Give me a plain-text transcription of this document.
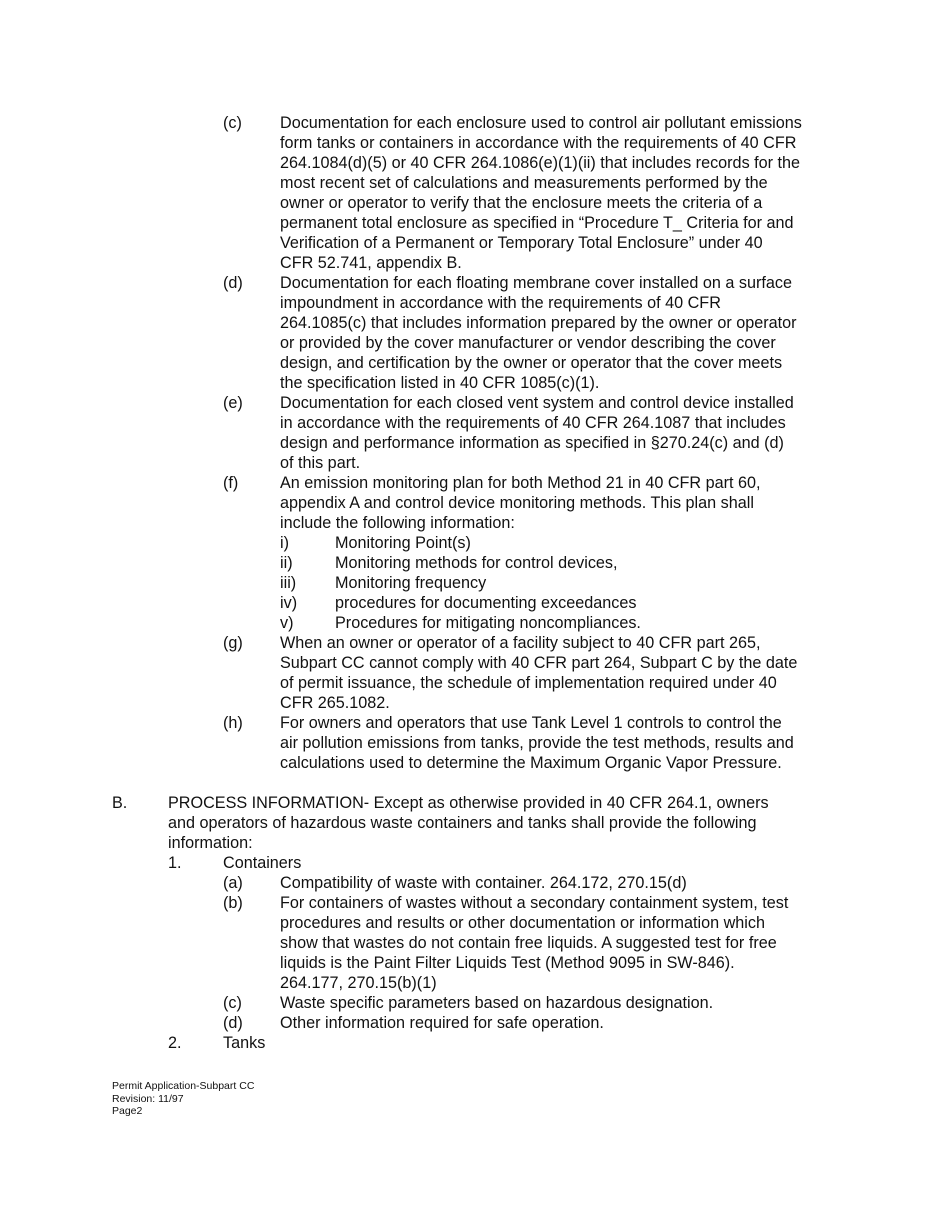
(c) Documentation for each enclosure used to control air pollutant emissions
form tanks or containers in accordance with the requirements of 40 CFR
264.1084(d)(5) or 40 CFR 264.1086(e)(1)(ii) that includes records for the
most recent set of calculations and measurements performed by the
owner or operator to verify that the enclosure meets the criteria of a
permanent total enclosure as specified in “Procedure T_ Criteria for and
Verification of a Permanent or Temporary Total Enclosure” under 40
CFR 52.741, appendix B.
(d) Documentation for each floating membrane cover installed on a surface
impoundment in accordance with the requirements of 40 CFR
264.1085(c) that includes information prepared by the owner or operator
or provided by the cover manufacturer or vendor describing the cover
design, and certification by the owner or operator that the cover meets
the specification listed in 40 CFR 1085(c)(1).
(e) Documentation for each closed vent system and control device installed
in accordance with the requirements of 40 CFR 264.1087 that includes
design and performance information as specified in §270.24(c) and (d)
of this part.
(f)	An emission monitoring plan for both Method 21 in 40 CFR part 60,
appendix A and control device monitoring methods. This plan shall
include the following information:
i)	Monitoring Point(s)
ii)	Monitoring methods for control devices,
iii) Monitoring frequency
iv) procedures for documenting exceedances
v)	Procedures for mitigating noncompliances.
(g) When an owner or operator of a facility subject to 40 CFR part 265,
Subpart CC cannot comply with 40 CFR part 264, Subpart C by the date
of permit issuance, the schedule of implementation required under 40
CFR 265.1082.
(h) For owners and operators that use Tank Level 1 controls to control the
air pollution emissions from tanks, provide the test methods, results and
calculations used to determine the Maximum Organic Vapor Pressure.
B.	PROCESS INFORMATION- Except as otherwise provided in 40 CFR 264.1, owners
and operators of hazardous waste containers and tanks shall provide the following
information:
1.	Containers
(a) Compatibility of waste with container. 264.172, 270.15(d)
(b) For containers of wastes without a secondary containment system, test
procedures and results or other documentation or information which
show that wastes do not contain free liquids. A suggested test for free
liquids is the Paint Filter Liquids Test (Method 9095 in SW-846).
264.177, 270.15(b)(1)
(c) Waste specific parameters based on hazardous designation.
(d) Other information required for safe operation.
2.	Tanks
Permit Application-Subpart CC
Revision: 11/97
Page2
